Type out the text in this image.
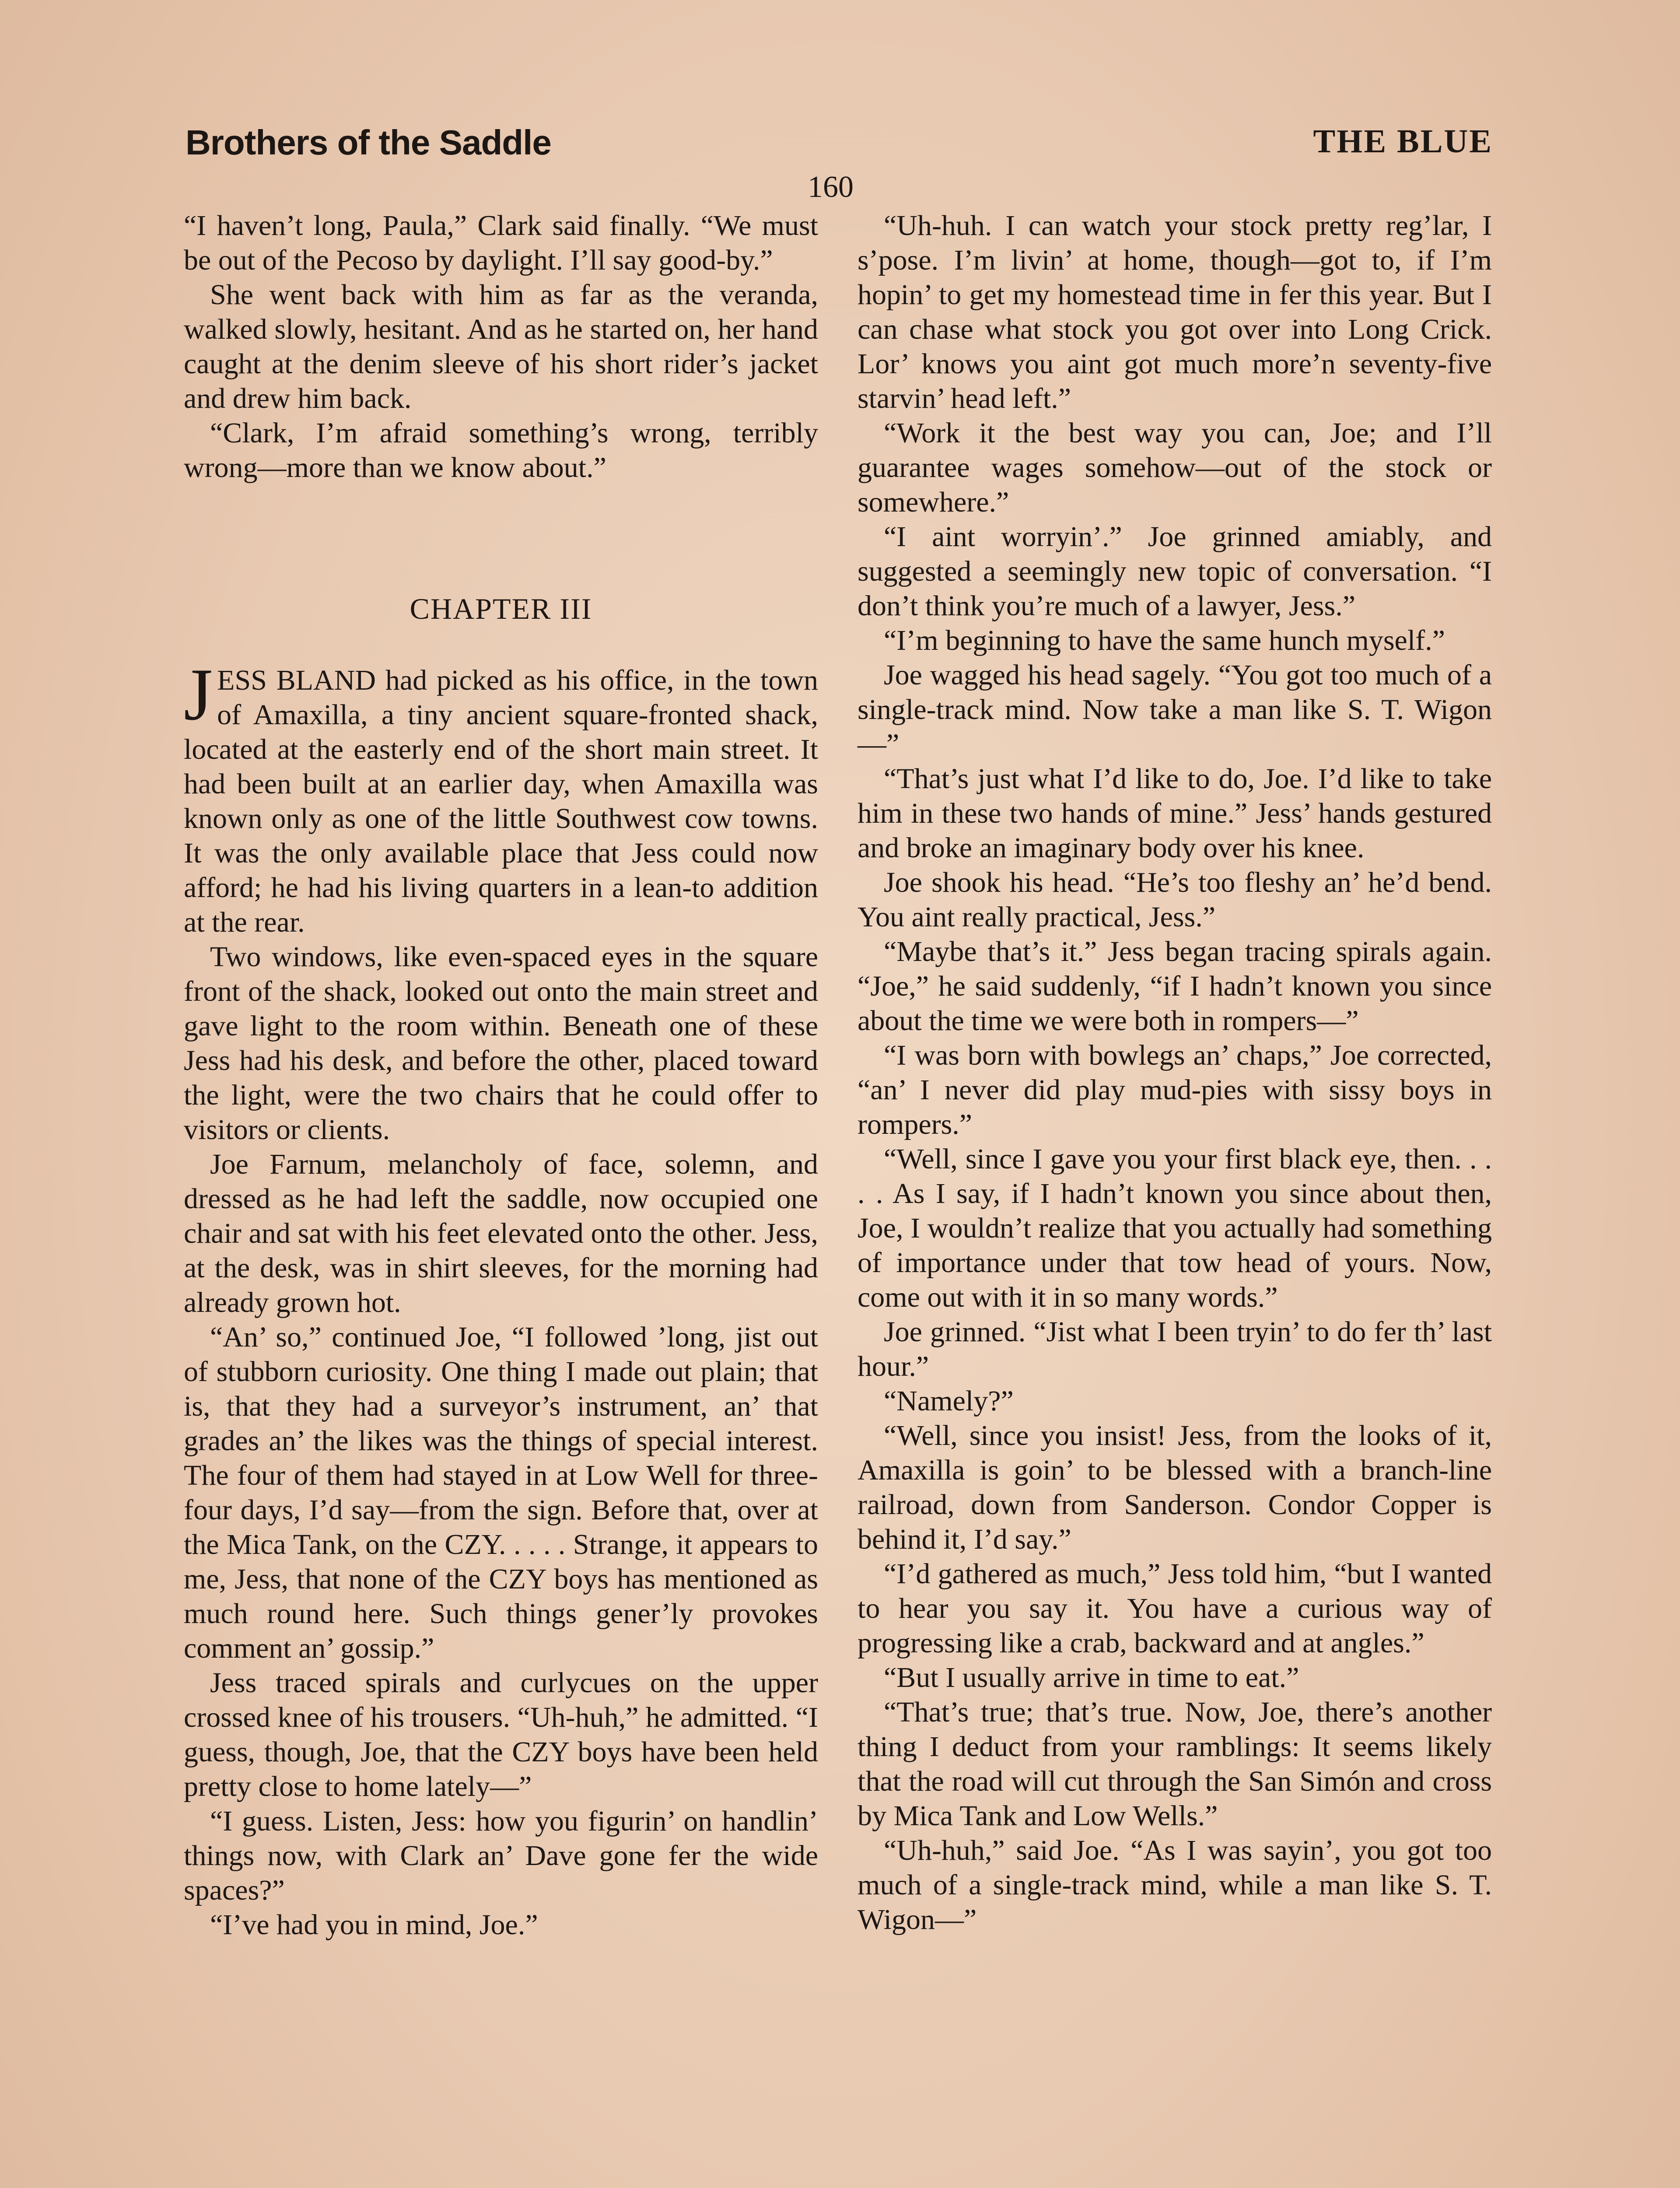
Brothers of the Saddle	THE BLUE
160

“I haven’t long, Paula,” Clark said finally. “We must be out of the Pecoso by daylight. I’ll say good-by.”

She went back with him as far as the veranda, walked slowly, hesitant. And as he started on, her hand caught at the denim sleeve of his short rider’s jacket and drew him back.

“Clark, I’m afraid something’s wrong, terribly wrong—more than we know about.”

CHAPTER III

JESS BLAND had picked as his office, in the town of Amaxilla, a tiny ancient square-fronted shack, located at the easterly end of the short main street. It had been built at an earlier day, when Amaxilla was known only as one of the little Southwest cow towns. It was the only available place that Jess could now afford; he had his living quarters in a lean-to addition at the rear.

Two windows, like even-spaced eyes in the square front of the shack, looked out onto the main street and gave light to the room within. Beneath one of these Jess had his desk, and before the other, placed toward the light, were the two chairs that he could offer to visitors or clients.

Joe Farnum, melancholy of face, solemn, and dressed as he had left the saddle, now occupied one chair and sat with his feet elevated onto the other. Jess, at the desk, was in shirt sleeves, for the morning had already grown hot.

“An’ so,” continued Joe, “I followed ’long, jist out of stubborn curiosity. One thing I made out plain; that is, that they had a surveyor’s instrument, an’ that grades an’ the likes was the things of special interest. The four of them had stayed in at Low Well for three-four days, I’d say—from the sign. Before that, over at the Mica Tank, on the CZY. . . . . Strange, it appears to me, Jess, that none of the CZY boys has mentioned as much round here. Such things gener’ly provokes comment an’ gossip.”

Jess traced spirals and curlycues on the upper crossed knee of his trousers. “Uh-huh,” he admitted. “I guess, though, Joe, that the CZY boys have been held pretty close to home lately—”

“I guess. Listen, Jess: how you figurin’ on handlin’ things now, with Clark an’ Dave gone fer the wide spaces?”

“I’ve had you in mind, Joe.”

“Uh-huh. I can watch your stock pretty reg’lar, I s’pose. I’m livin’ at home, though—got to, if I’m hopin’ to get my homestead time in fer this year. But I can chase what stock you got over into Long Crick. Lor’ knows you aint got much more’n seventy-five starvin’ head left.”

“Work it the best way you can, Joe; and I’ll guarantee wages somehow—out of the stock or somewhere.”

“I aint worryin’.” Joe grinned amiably, and suggested a seemingly new topic of conversation. “I don’t think you’re much of a lawyer, Jess.”

“I’m beginning to have the same hunch myself.”

Joe wagged his head sagely. “You got too much of a single-track mind. Now take a man like S. T. Wigon—”

“That’s just what I’d like to do, Joe. I’d like to take him in these two hands of mine.” Jess’ hands gestured and broke an imaginary body over his knee.

Joe shook his head. “He’s too fleshy an’ he’d bend. You aint really practical, Jess.”

“Maybe that’s it.” Jess began tracing spirals again. “Joe,” he said suddenly, “if I hadn’t known you since about the time we were both in rompers—”

“I was born with bowlegs an’ chaps,” Joe corrected, “an’ I never did play mud-pies with sissy boys in rompers.”

“Well, since I gave you your first black eye, then. . . . . As I say, if I hadn’t known you since about then, Joe, I wouldn’t realize that you actually had something of importance under that tow head of yours. Now, come out with it in so many words.”

Joe grinned. “Jist what I been tryin’ to do fer th’ last hour.”

“Namely?”

“Well, since you insist! Jess, from the looks of it, Amaxilla is goin’ to be blessed with a branch-line railroad, down from Sanderson. Condor Copper is behind it, I’d say.”

“I’d gathered as much,” Jess told him, “but I wanted to hear you say it. You have a curious way of progressing like a crab, backward and at angles.”

“But I usually arrive in time to eat.”

“That’s true; that’s true. Now, Joe, there’s another thing I deduct from your ramblings: It seems likely that the road will cut through the San Simón and cross by Mica Tank and Low Wells.”

“Uh-huh,” said Joe. “As I was sayin’, you got too much of a single-track mind, while a man like S. T. Wigon—”
